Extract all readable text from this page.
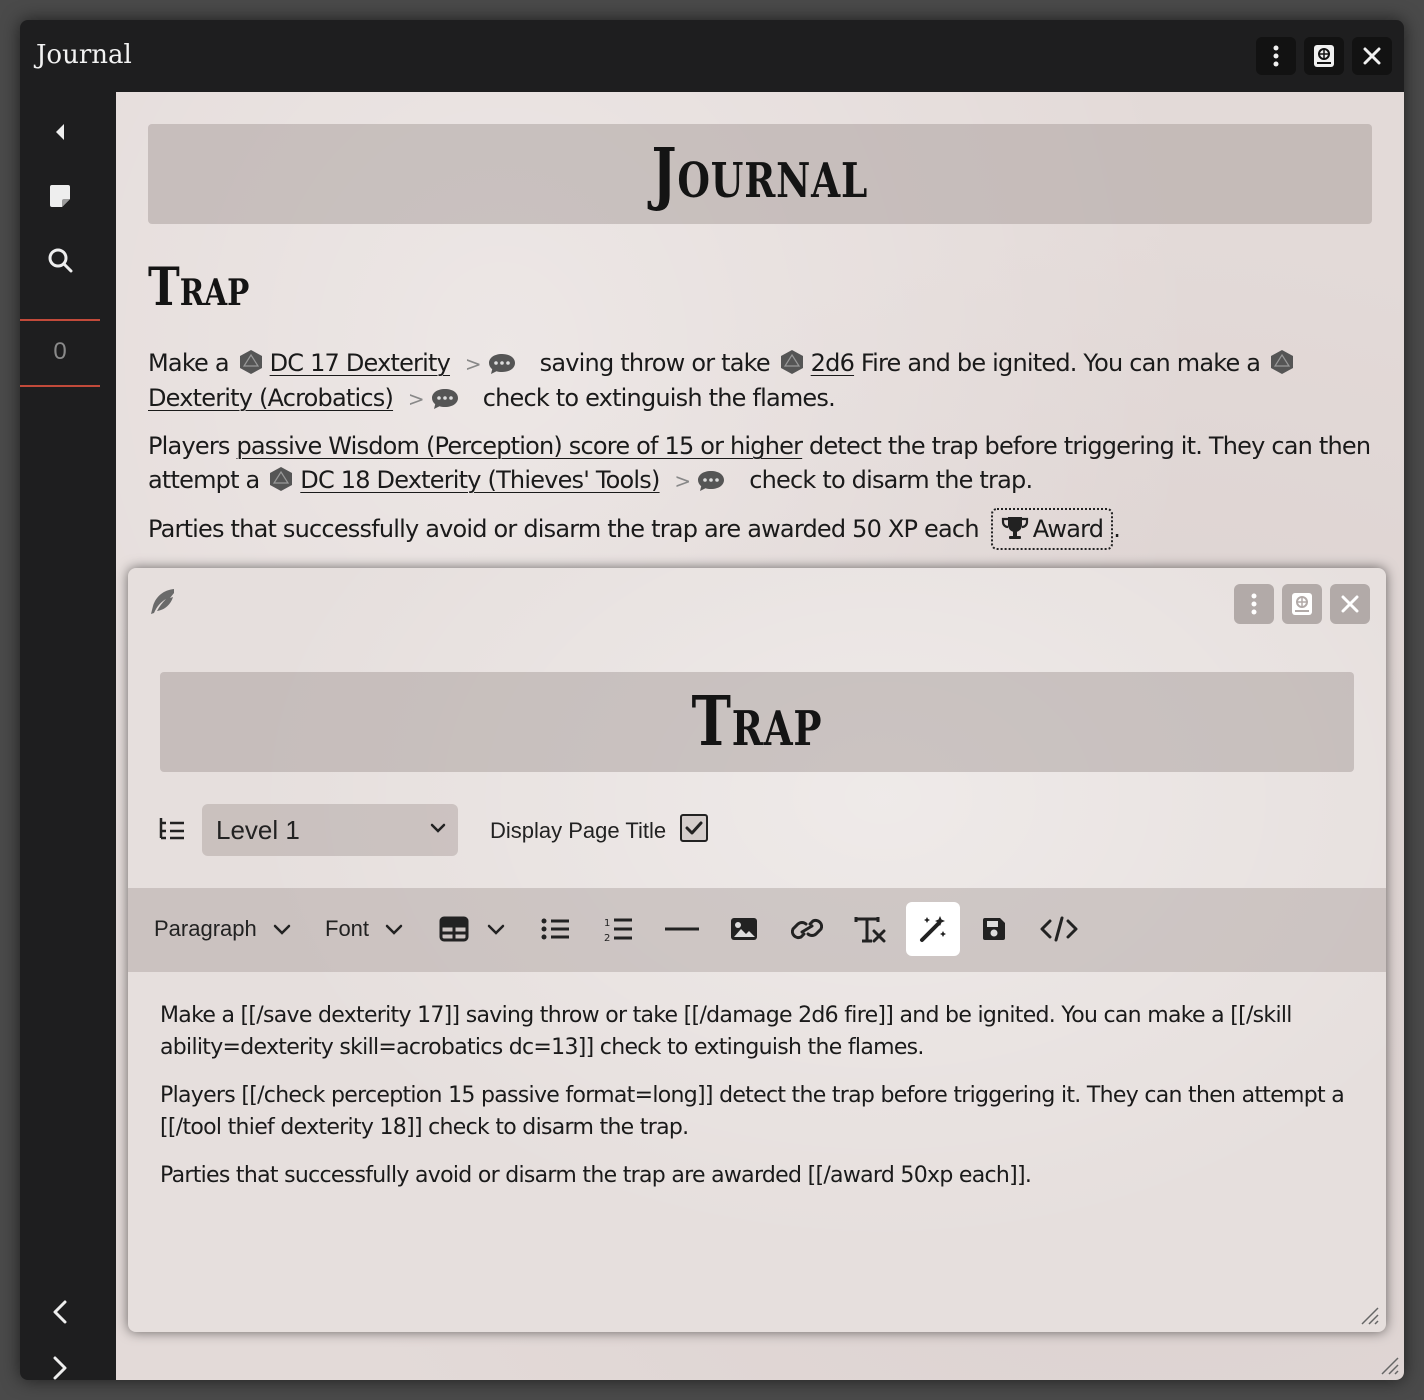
Journal
0
Journal
Trap
Make a DC 17 Dexterity > saving throw or take 2d6 Fire and be ignited. You can make a Dexterity (Acrobatics) > check to extinguish the flames.
Players passive Wisdom (Perception) score of 15 or higher detect the trap before triggering it. They can then attempt a DC 18 Dexterity (Thieves' Tools) > check to disarm the trap.
Parties that successfully avoid or disarm the trap are awarded 50 XP each Award .
Trap
Level 1	Display Page Title
Paragraph	Font	1
2

Make a [[/save dexterity 17]] saving throw or take [[/damage 2d6 fire]] and be ignited. You can make a [[/skill ability=dexterity skill=acrobatics dc=13]] check to extinguish the flames.

Players [[/check perception 15 passive format=long]] detect the trap before triggering it. They can then attempt a [[/tool thief dexterity 18]] check to disarm the trap.

Parties that successfully avoid or disarm the trap are awarded [[/award 50xp each]].
